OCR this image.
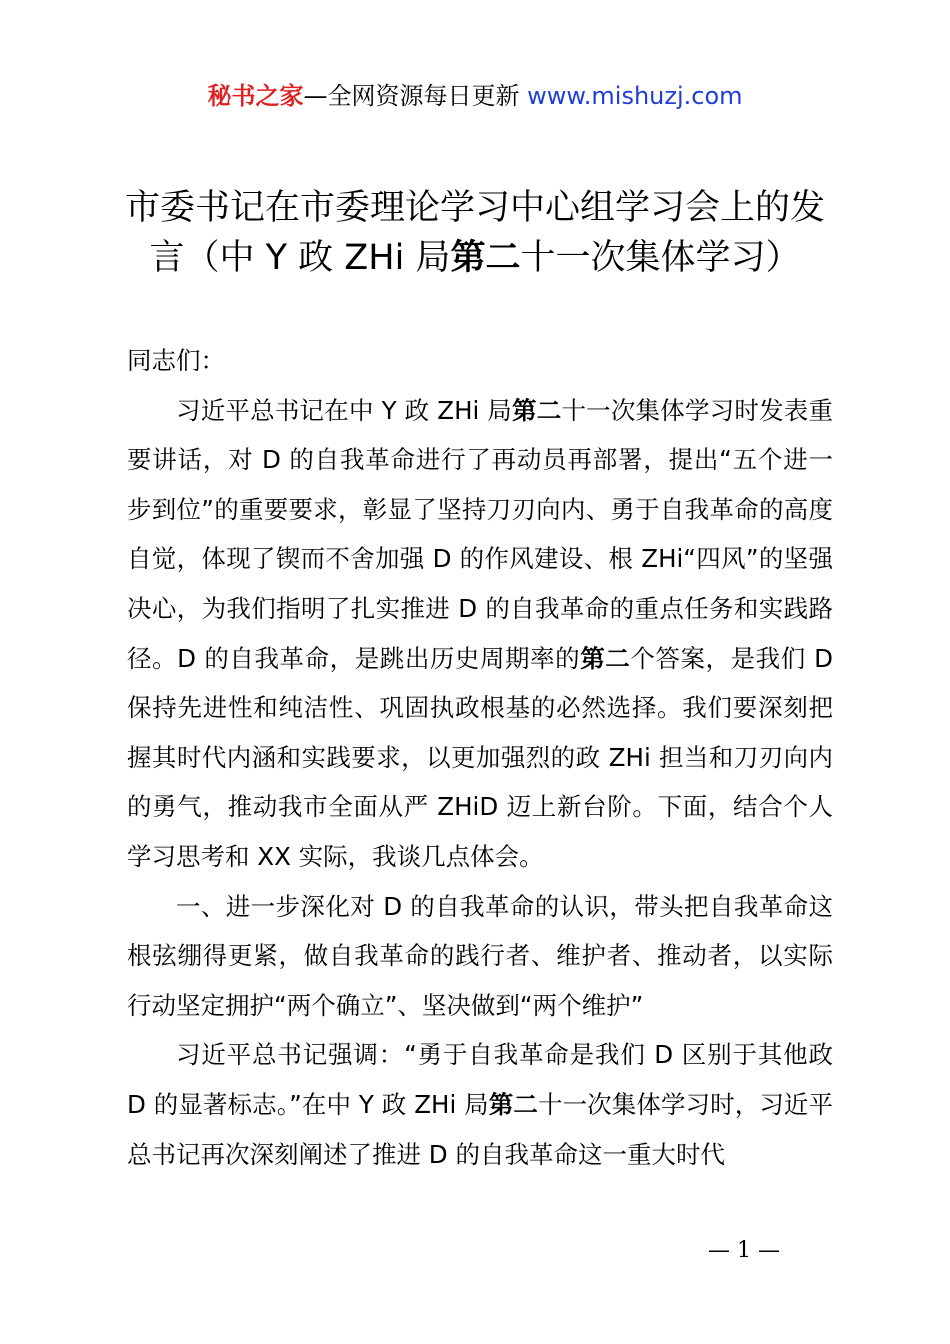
秘书之家—全网资源每日更新 www.mishuzj.com
市委书记在市委理论学习中心组学习会上的发
言（中 Y 政 ZHi 局第二十一次集体学习）

同志们：

习近平总书记在中 Y 政 ZHi 局第二十一次集体学习时发表重要讲话，对 D 的自我革命进行了再动员再部署，提出“五个进一步到位”的重要要求，彰显了坚持刀刃向内、勇于自我革命的高度自觉，体现了锲而不舍加强 D 的作风建设、根 ZHi“四风”的坚强决心，为我们指明了扎实推进 D 的自我革命的重点任务和实践路径。D 的自我革命，是跳出历史周期率的第二个答案，是我们 D 保持先进性和纯洁性、巩固执政根基的必然选择。我们要深刻把握其时代内涵和实践要求，以更加强烈的政 ZHi 担当和刀刃向内的勇气，推动我市全面从严 ZHiD 迈上新台阶。下面，结合个人学习思考和 XX 实际，我谈几点体会。

一、进一步深化对 D 的自我革命的认识，带头把自我革命这根弦绷得更紧，做自我革命的践行者、维护者、推动者，以实际行动坚定拥护“两个确立”、坚决做到“两个维护”

习近平总书记强调：“勇于自我革命是我们 D 区别于其他政 D 的显著标志。”在中 Y 政 ZHi 局第二十一次集体学习时，习近平总书记再次深刻阐述了推进 D 的自我革命这一重大时代

— 1 —
